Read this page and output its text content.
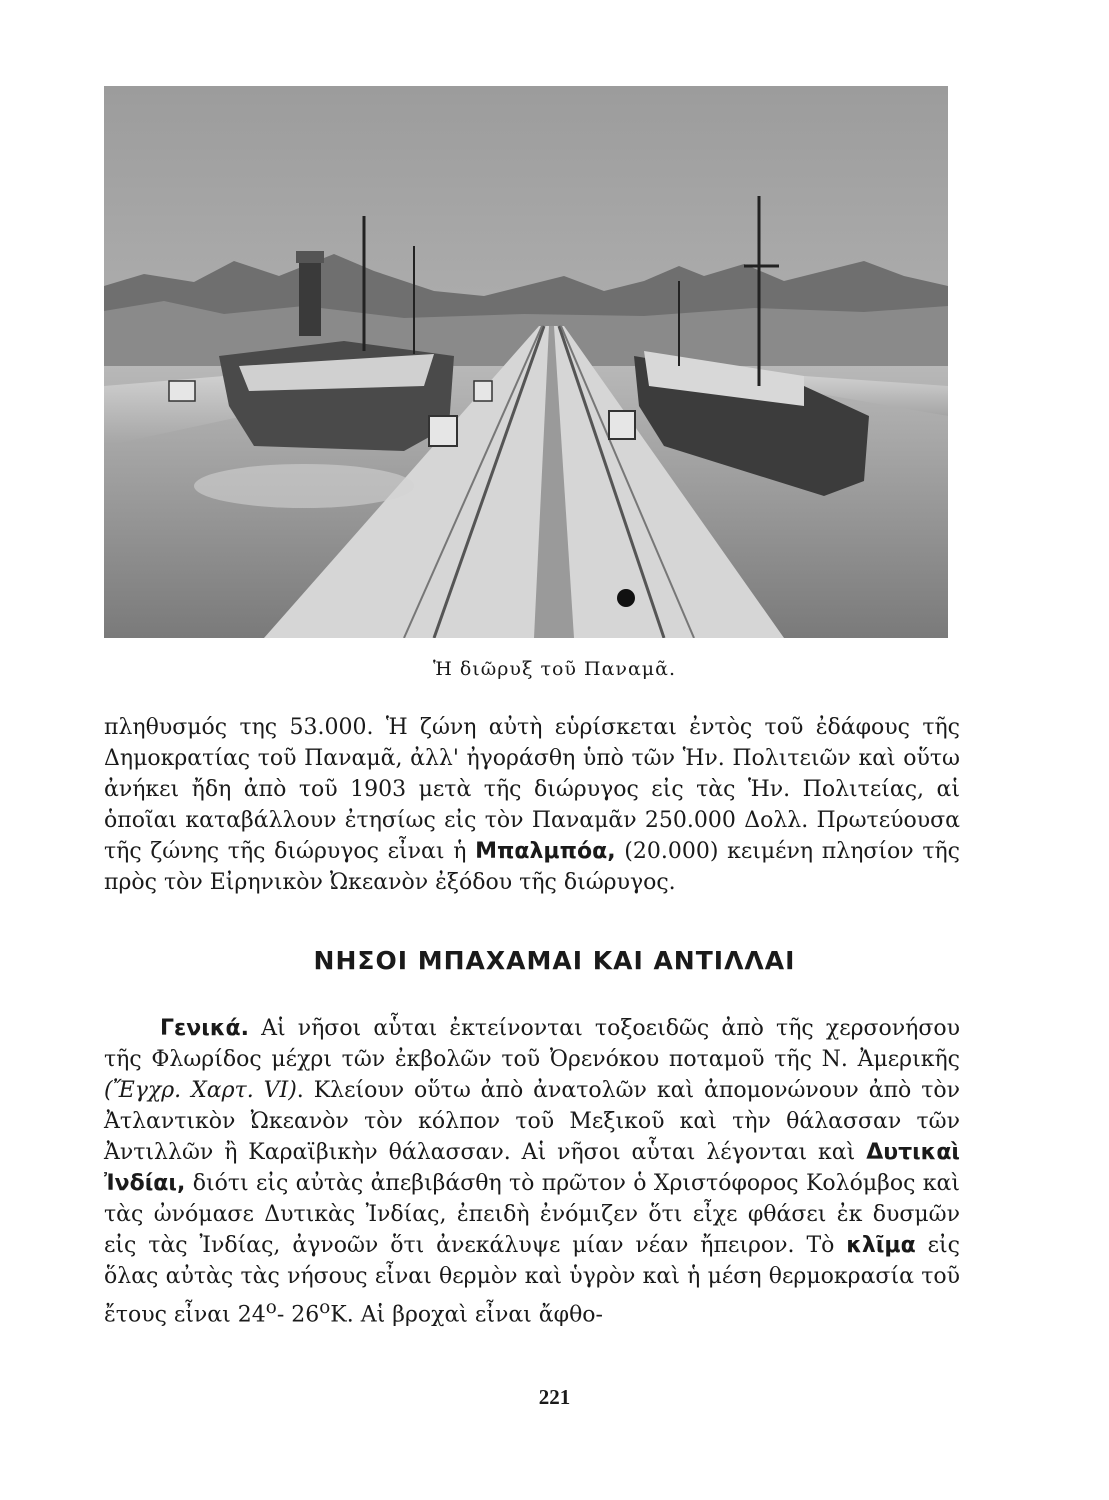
Ἡ διῶρυξ τοῦ Παναμᾶ.
πληθυσμός της 53.000. Ἡ ζώνη αὐτὴ εὑρίσκεται ἐντὸς τοῦ ἐδάφους τῆς Δημοκρατίας τοῦ Παναμᾶ, ἀλλ' ἠγοράσθη ὑπὸ τῶν Ἡν. Πολιτειῶν καὶ οὕτω ἀνήκει ἤδη ἀπὸ τοῦ 1903 μετὰ τῆς διώρυγος εἰς τὰς Ἡν. Πολιτείας, αἱ ὁποῖαι καταβάλλουν ἐτησίως εἰς τὸν Παναμᾶν 250.000 Δολλ. Πρωτεύουσα τῆς ζώνης τῆς διώρυγος εἶναι ἡ Μπαλμπόα, (20.000) κειμένη πλησίον τῆς πρὸς τὸν Εἰρηνικὸν Ὠκεανὸν ἐξόδου τῆς διώρυγος.
ΝΗΣΟΙ ΜΠΑΧΑΜΑΙ ΚΑΙ ΑΝΤΙΛΛΑΙ
Γενικά. Αἱ νῆσοι αὗται ἐκτείνονται τοξοειδῶς ἀπὸ τῆς χερσονήσου τῆς Φλωρίδος μέχρι τῶν ἐκβολῶν τοῦ Ὀρενόκου ποταμοῦ τῆς Ν. Ἀμερικῆς (Ἔγχρ. Χαρτ. VI). Κλείουν οὕτω ἀπὸ ἀνατολῶν καὶ ἀπομονώνουν ἀπὸ τὸν Ἀτλαντικὸν Ὠκεανὸν τὸν κόλπον τοῦ Μεξικοῦ καὶ τὴν θάλασσαν τῶν Ἀντιλλῶν ἢ Καραϊβικὴν θάλασσαν. Αἱ νῆσοι αὗται λέγονται καὶ Δυτικαὶ Ἰνδίαι, διότι εἰς αὐτὰς ἀπεβιβάσθη τὸ πρῶτον ὁ Χριστόφορος Κολόμβος καὶ τὰς ὠνόμασε Δυτικὰς Ἰνδίας, ἐπειδὴ ἐνόμιζεν ὅτι εἶχε φθάσει ἐκ δυσμῶν εἰς τὰς Ἰνδίας, ἀγνοῶν ὅτι ἀνεκάλυψε μίαν νέαν ἤπειρον. Τὸ κλῖμα εἰς ὅλας αὐτὰς τὰς νήσους εἶναι θερμὸν καὶ ὑγρὸν καὶ ἡ μέση θερμοκρασία τοῦ ἔτους εἶναι $24^o-$ $26^oK$. Αἱ βροχαὶ εἶναι ἄφθο-
221
